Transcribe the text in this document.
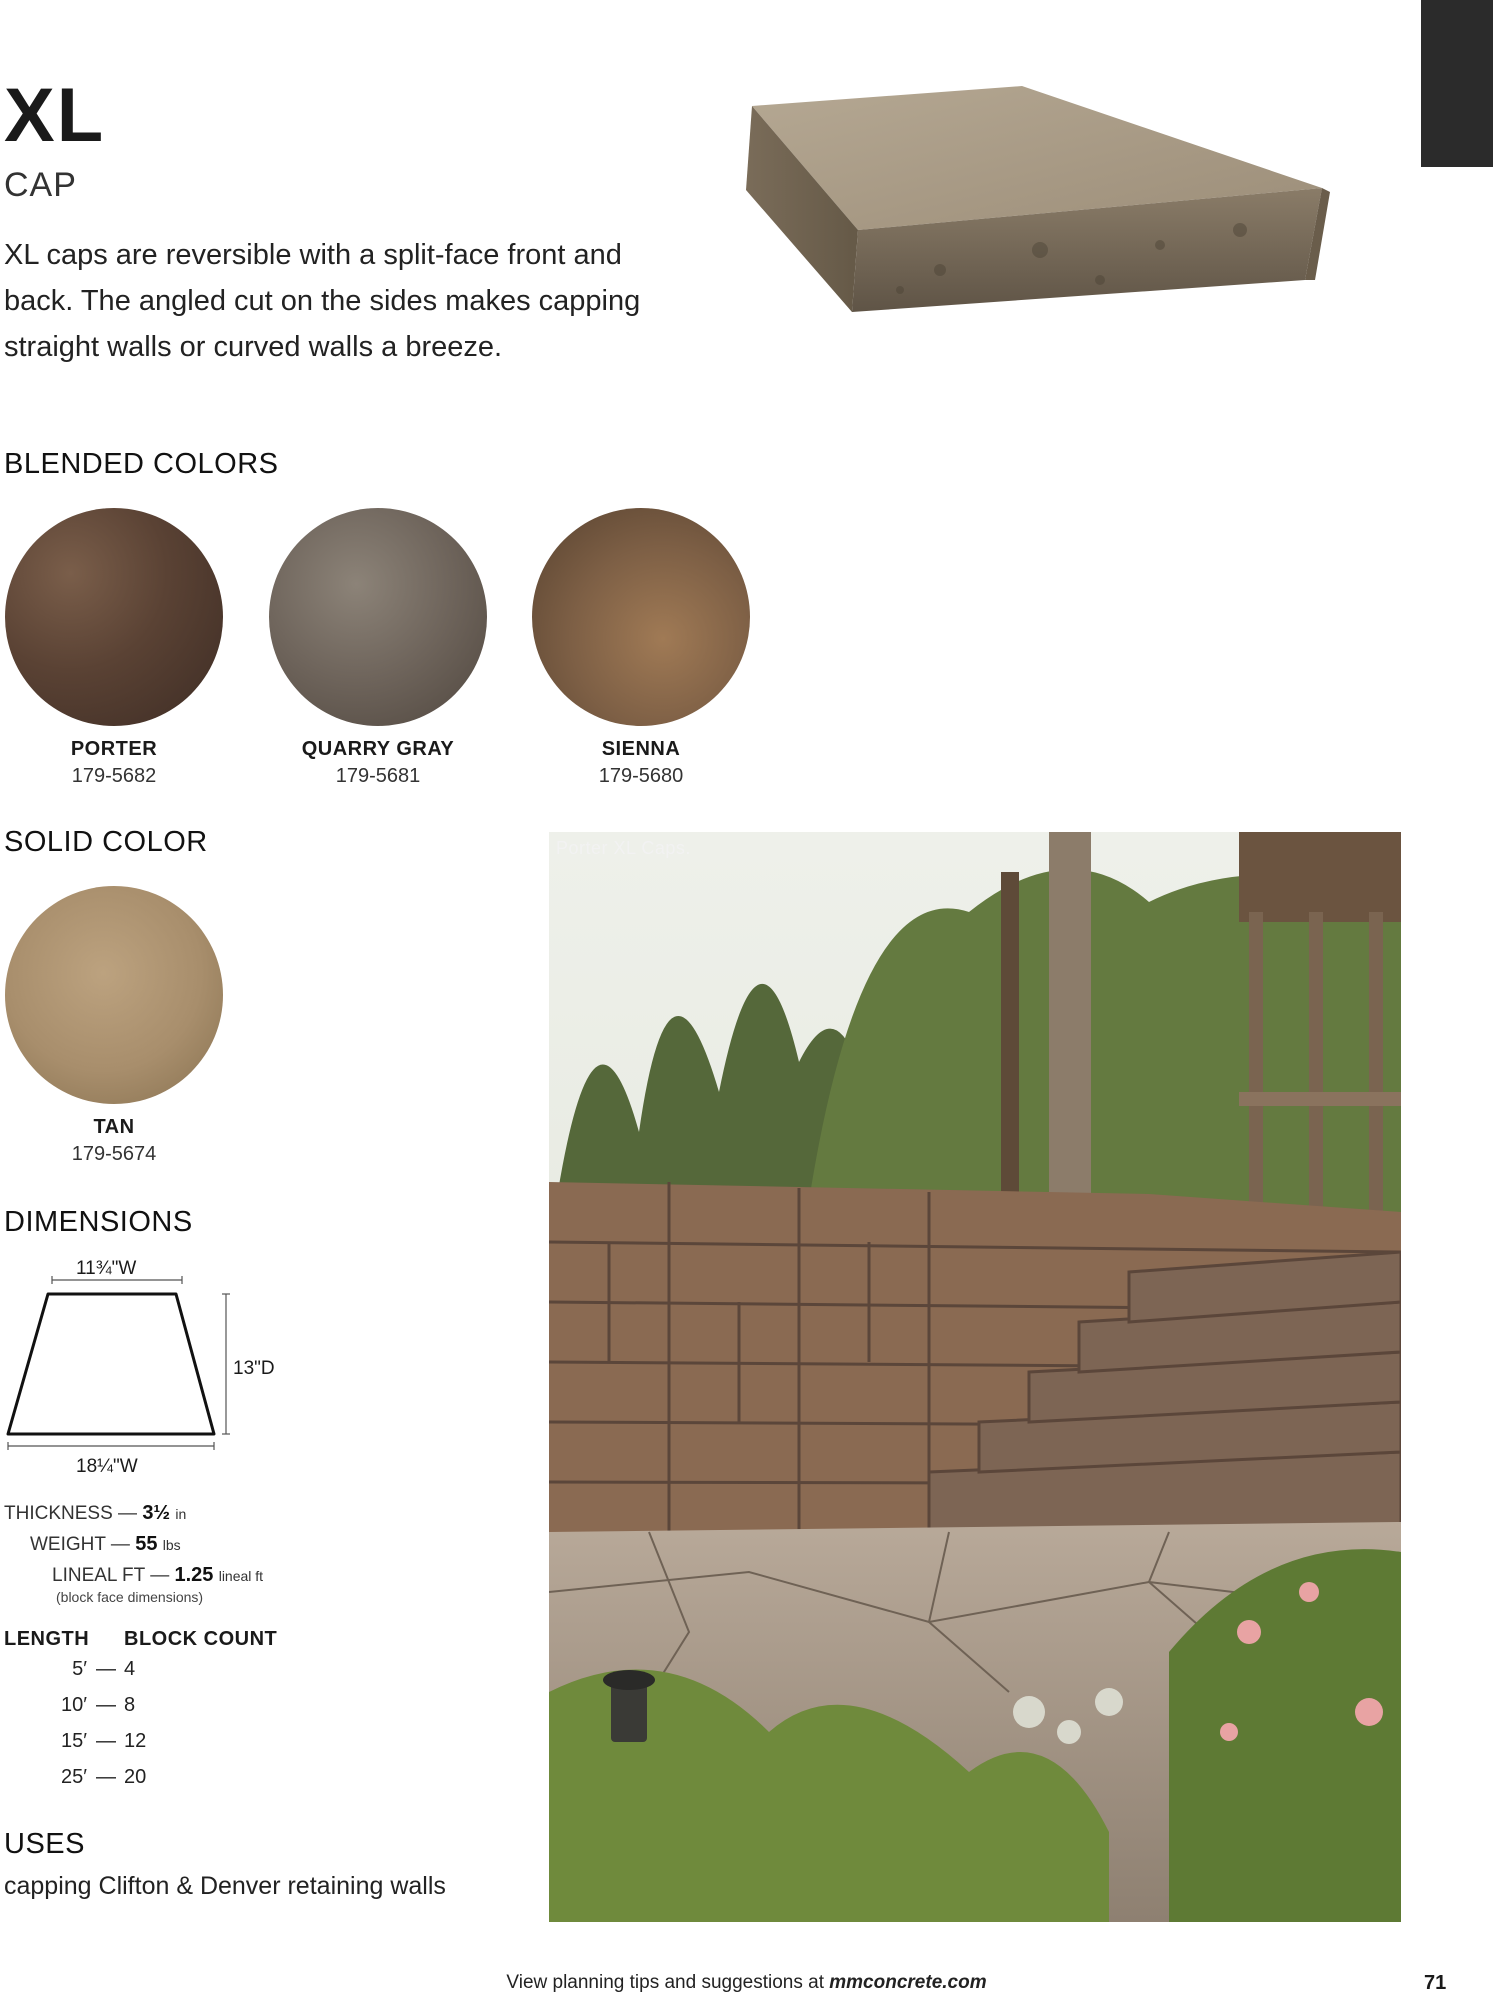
XL
CAP
XL caps are reversible with a split-face front and back. The angled cut on the sides makes capping straight walls or curved walls a breeze.
BLENDED COLORS
PORTER
179-5682
QUARRY GRAY
179-5681
SIENNA
179-5680
SOLID COLOR
TAN
179-5674
DIMENSIONS
11¾"W
13"D
18¼"W
THICKNESS — 3½ in
WEIGHT — 55 lbs
LINEAL FT — 1.25 lineal ft
(block face dimensions)
LENGTH BLOCK COUNT
5′ — 4
10′ — 8
15′ — 12
25′ — 20
USES
capping Clifton & Denver retaining walls
Porter XL Caps.
View planning tips and suggestions at mmconcrete.com	71
